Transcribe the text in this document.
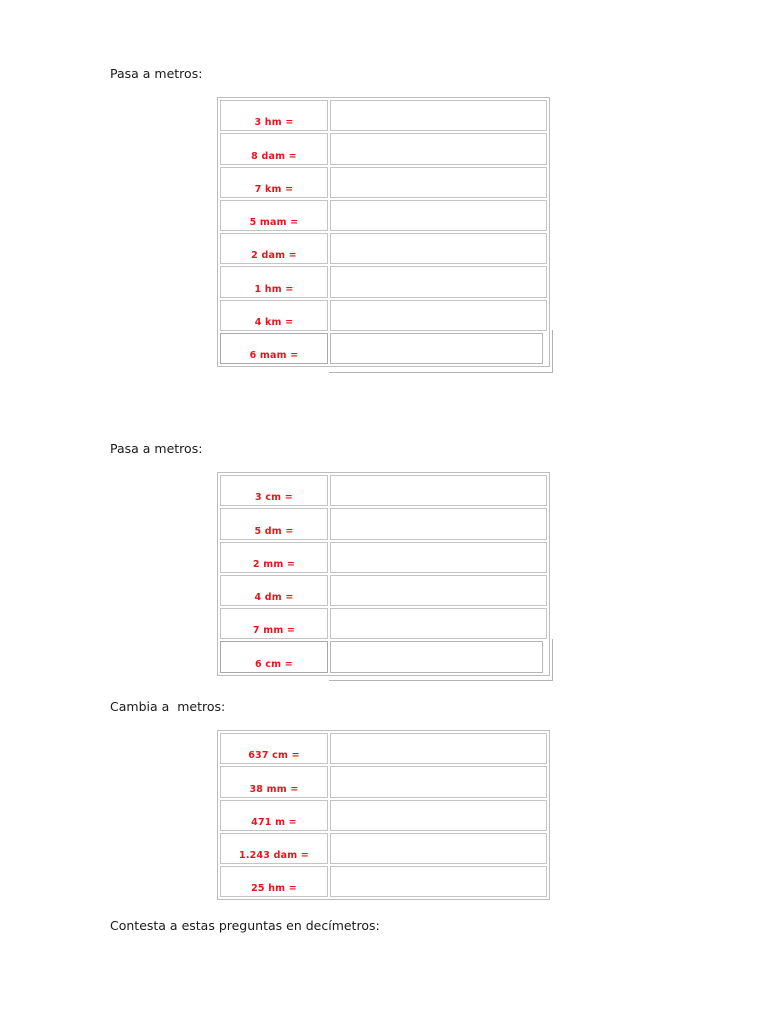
Pasa a metros:
3 hm =
8 dam =
7 km =
5 mam =
2 dam =
1 hm =
4 km =
6 mam =
Pasa a metros:
3 cm =
5 dm =
2 mm =
4 dm =
7 mm =
6 cm =
Cambia a  metros:
637 cm =
38 mm =
471 m =
1.243 dam =
25 hm =
Contesta a estas preguntas en decímetros:
